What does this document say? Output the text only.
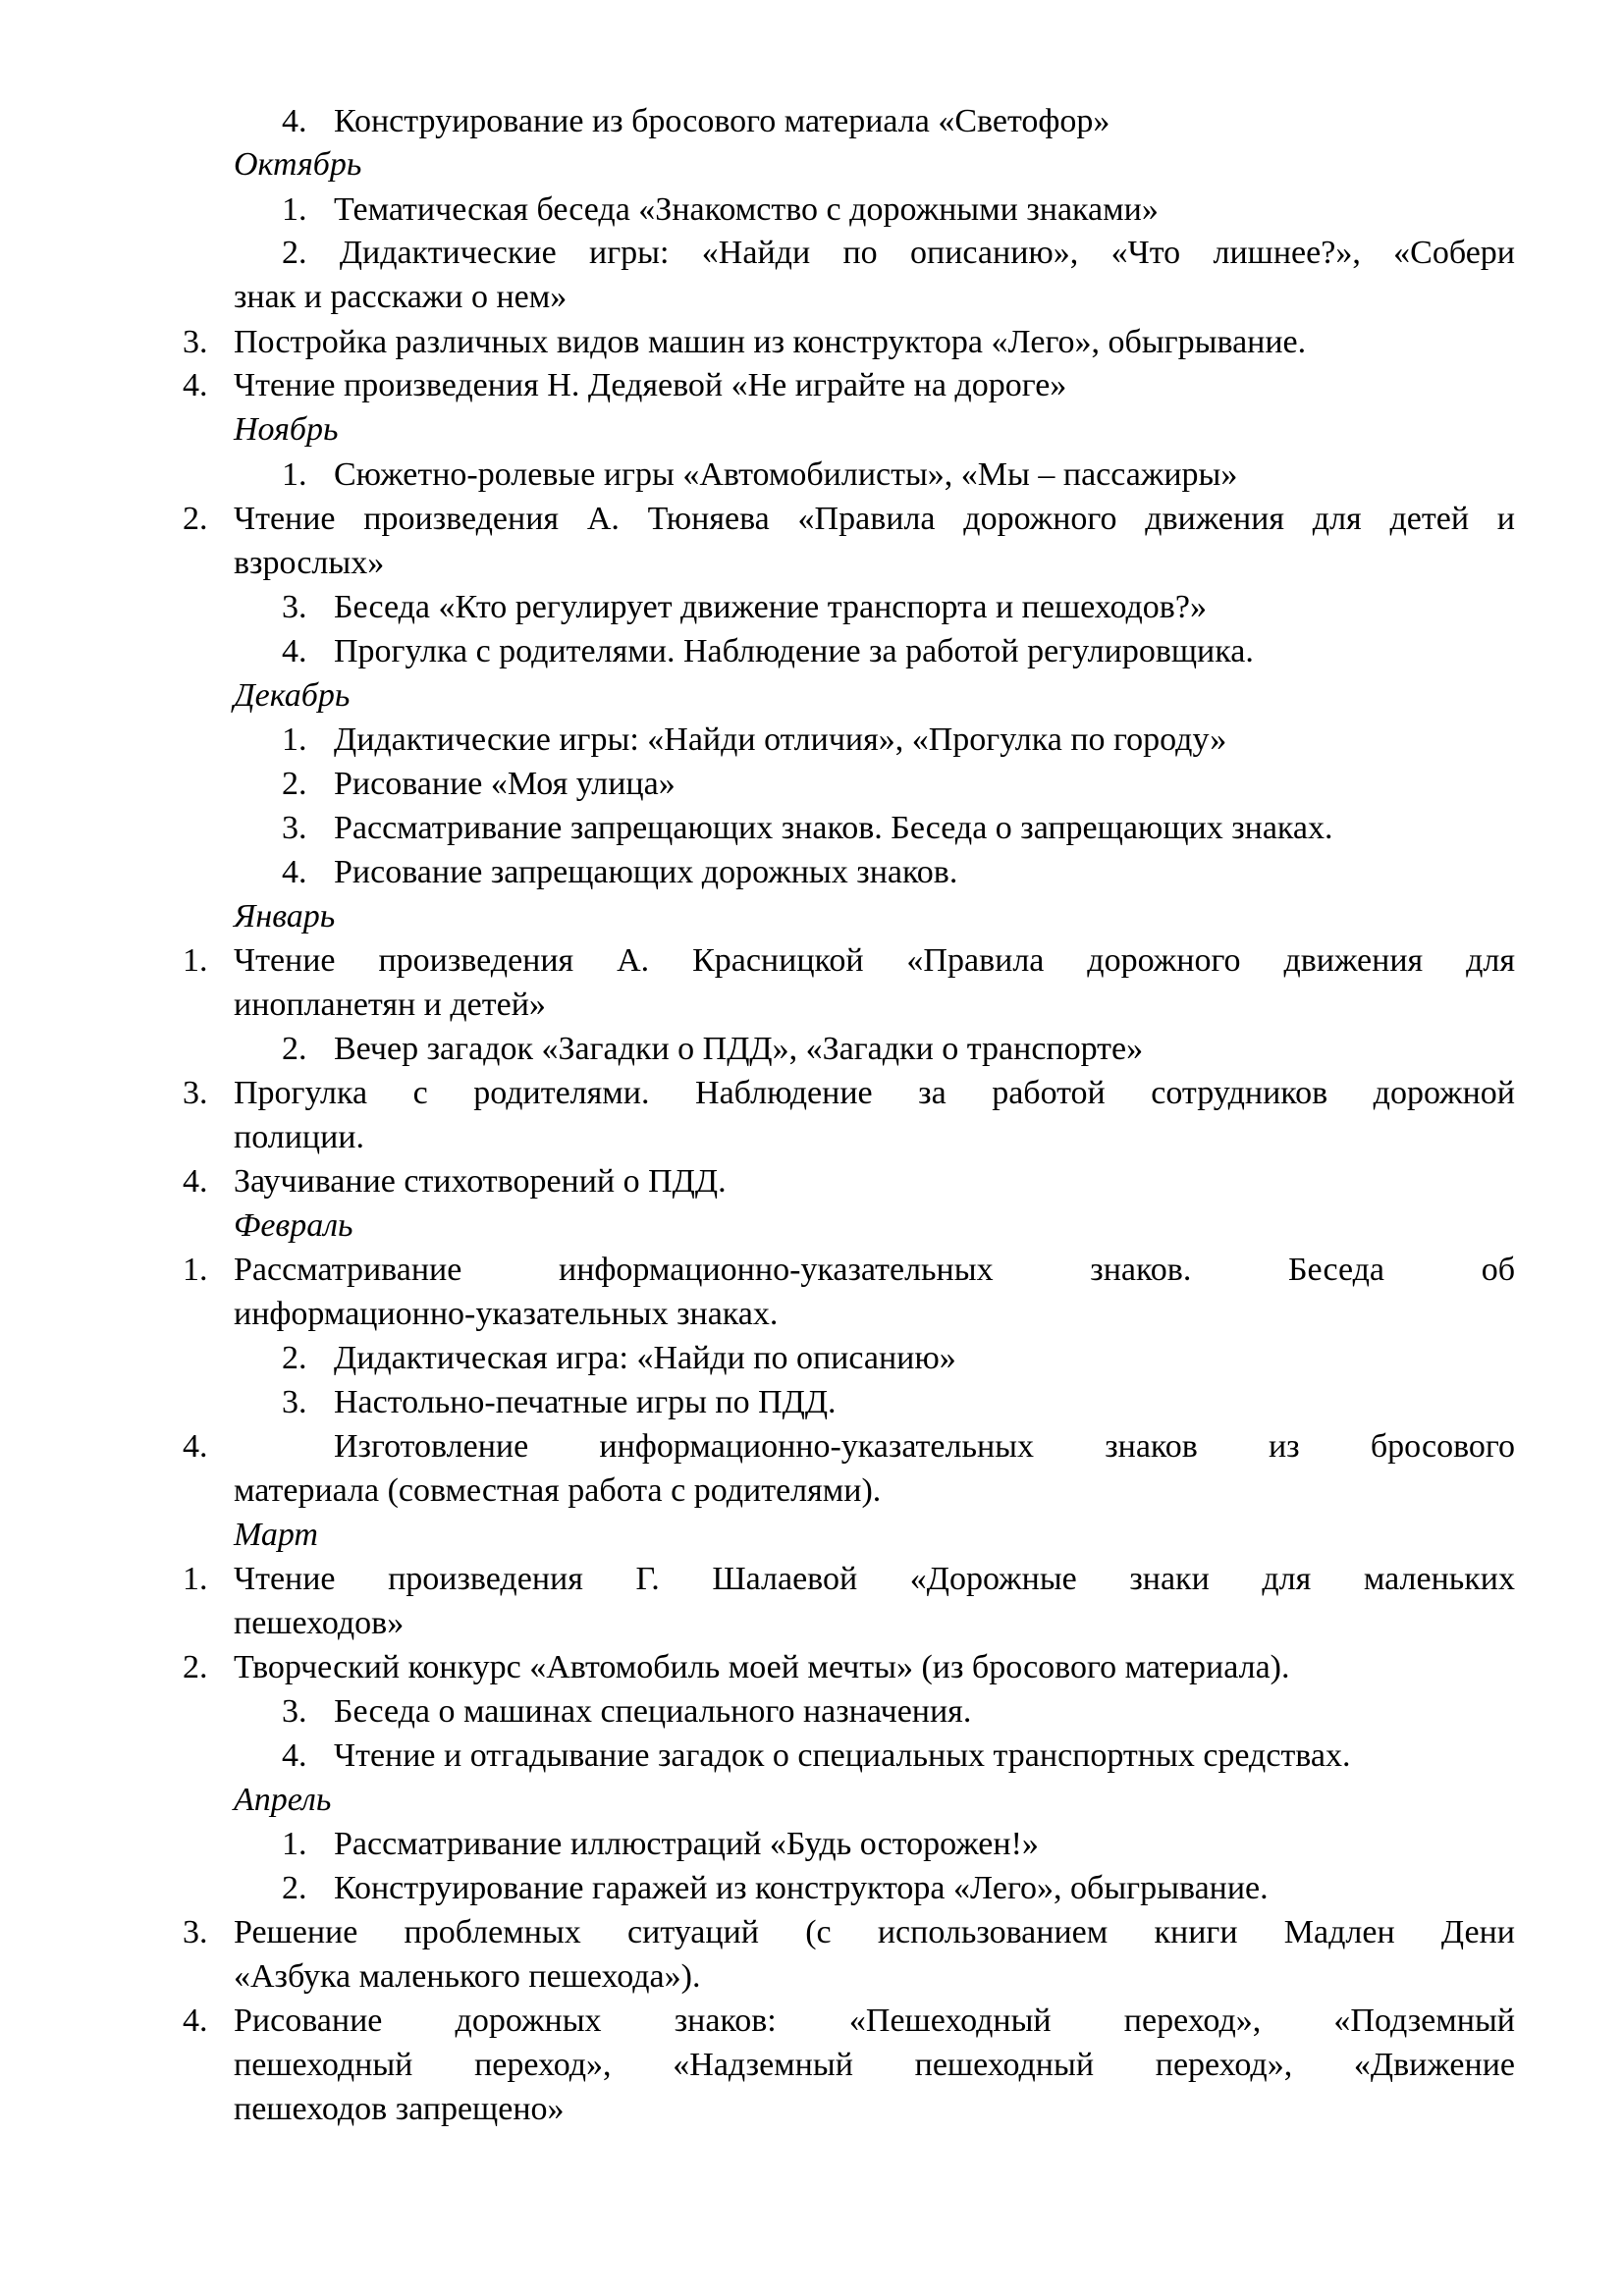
4. Конструирование из бросового материала «Светофор»

Октябрь

1. Тематическая беседа «Знакомство с дорожными знаками»

2. Дидактические игры: «Найди по описанию», «Что лишнее?», «Собери

знак и расскажи о нем»

3. Постройка различных видов машин из конструктора «Лего», обыгрывание.

4. Чтение произведения Н. Дедяевой «Не играйте на дороге»

Ноябрь

1. Сюжетно-ролевые игры «Автомобилисты», «Мы – пассажиры»

2. Чтение произведения А. Тюняева «Правила дорожного движения для детей и

взрослых»

3. Беседа «Кто регулирует движение транспорта и пешеходов?»

4. Прогулка с родителями. Наблюдение за работой регулировщика.

Декабрь

1. Дидактические игры: «Найди отличия», «Прогулка по городу»

2. Рисование «Моя улица»

3. Рассматривание запрещающих знаков. Беседа о запрещающих знаках.

4. Рисование запрещающих дорожных знаков.

Январь

1. Чтение произведения А. Красницкой «Правила дорожного движения для

инопланетян и детей»

2. Вечер загадок «Загадки о ПДД», «Загадки о транспорте»

3. Прогулка с родителями. Наблюдение за работой сотрудников дорожной

полиции.

4. Заучивание стихотворений о ПДД.

Февраль

1. Рассматривание информационно-указательных знаков. Беседа об

информационно-указательных знаках.

2. Дидактическая игра: «Найди по описанию»

3. Настольно-печатные игры по ПДД.

4.	Изготовление информационно-указательных знаков из бросового

материала (совместная работа с родителями).

Март

1. Чтение произведения Г. Шалаевой «Дорожные знаки для маленьких

пешеходов»

2. Творческий конкурс «Автомобиль моей мечты» (из бросового материала).

3. Беседа о машинах специального назначения.

4. Чтение и отгадывание загадок о специальных транспортных средствах.

Апрель

1. Рассматривание иллюстраций «Будь осторожен!»

2. Конструирование гаражей из конструктора «Лего», обыгрывание.

3. Решение проблемных ситуаций (с использованием книги Мадлен Дени

«Азбука маленького пешехода»).

4. Рисование дорожных знаков: «Пешеходный переход», «Подземный

пешеходный переход», «Надземный пешеходный переход», «Движение

пешеходов запрещено»
